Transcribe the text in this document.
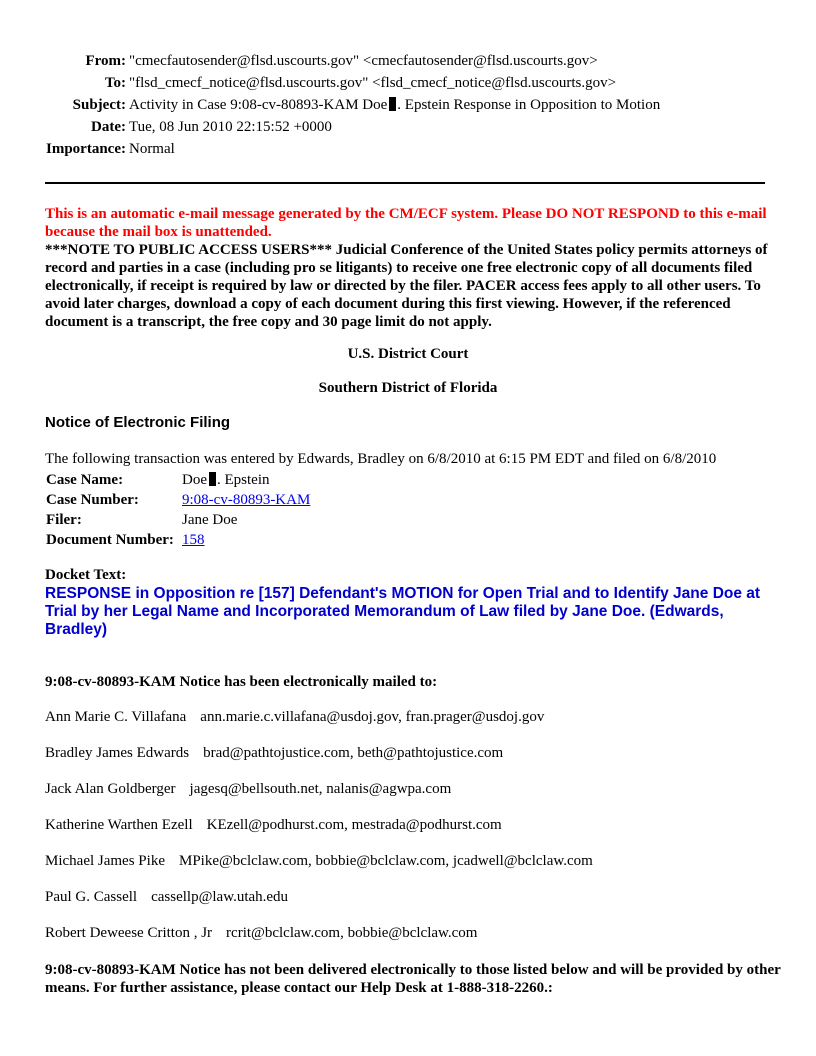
From:	"cmecfautosender@flsd.uscourts.gov" <cmecfautosender@flsd.uscourts.gov>
To:	"flsd_cmecf_notice@flsd.uscourts.gov" <flsd_cmecf_notice@flsd.uscourts.gov>
Subject:	Activity in Case 9:08-cv-80893-KAM Doe . Epstein Response in Opposition to Motion
Date:	Tue, 08 Jun 2010 22:15:52 +0000
Importance:	Normal
This is an automatic e-mail message generated by the CM/ECF system. Please DO NOT RESPOND to this e-mail because the mail box is unattended.
***NOTE TO PUBLIC ACCESS USERS*** Judicial Conference of the United States policy permits attorneys of record and parties in a case (including pro se litigants) to receive one free electronic copy of all documents filed electronically, if receipt is required by law or directed by the filer. PACER access fees apply to all other users. To avoid later charges, download a copy of each document during this first viewing. However, if the referenced document is a transcript, the free copy and 30 page limit do not apply.
U.S. District Court
Southern District of Florida
Notice of Electronic Filing
The following transaction was entered by Edwards, Bradley on 6/8/2010 at 6:15 PM EDT and filed on 6/8/2010
Case Name:	Doe . Epstein
Case Number:	9:08-cv-80893-KAM
Filer:	Jane Doe
Document Number:	158
Docket Text:
RESPONSE in Opposition re [157] Defendant's MOTION for Open Trial and to Identify Jane Doe at Trial by her Legal Name and Incorporated Memorandum of Law filed by Jane Doe. (Edwards, Bradley)
9:08-cv-80893-KAM Notice has been electronically mailed to:
Ann Marie C. Villafana ann.marie.c.villafana@usdoj.gov, fran.prager@usdoj.gov
Bradley James Edwards brad@pathtojustice.com, beth@pathtojustice.com
Jack Alan Goldberger jagesq@bellsouth.net, nalanis@agwpa.com
Katherine Warthen Ezell KEzell@podhurst.com, mestrada@podhurst.com
Michael James Pike MPike@bclclaw.com, bobbie@bclclaw.com, jcadwell@bclclaw.com
Paul G. Cassell cassellp@law.utah.edu
Robert Deweese Critton , Jr rcrit@bclclaw.com, bobbie@bclclaw.com
9:08-cv-80893-KAM Notice has not been delivered electronically to those listed below and will be provided by other means. For further assistance, please contact our Help Desk at 1-888-318-2260.:
